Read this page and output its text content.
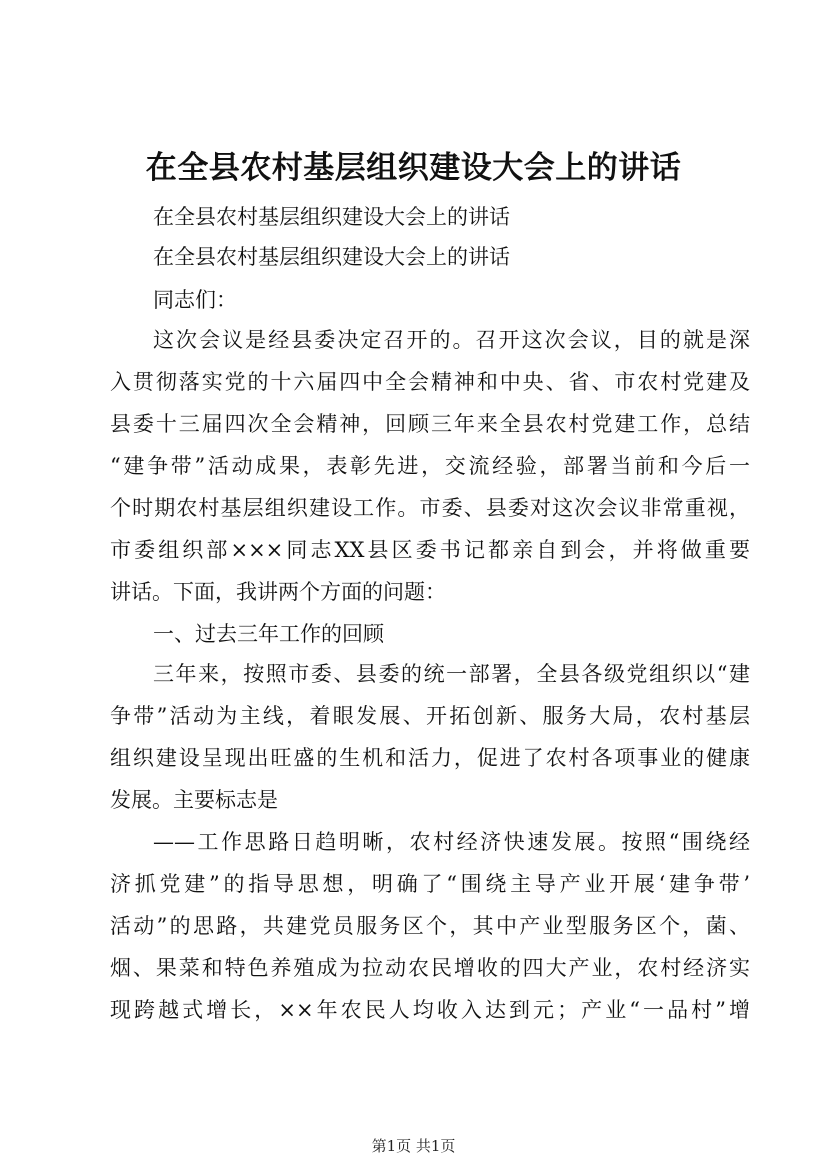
在全县农村基层组织建设大会上的讲话
在全县农村基层组织建设大会上的讲话
在全县农村基层组织建设大会上的讲话
同志们：
这次会议是经县委决定召开的。召开这次会议，目的就是深
入贯彻落实党的十六届四中全会精神和中央、省、市农村党建及
县委十三届四次全会精神，回顾三年来全县农村党建工作，总结
“建争带”活动成果，表彰先进，交流经验，部署当前和今后一
个时期农村基层组织建设工作。市委、县委对这次会议非常重视，
市委组织部×××同志XX县区委书记都亲自到会，并将做重要
讲话。下面，我讲两个方面的问题：
一、过去三年工作的回顾
三年来，按照市委、县委的统一部署，全县各级党组织以“建
争带”活动为主线，着眼发展、开拓创新、服务大局，农村基层
组织建设呈现出旺盛的生机和活力，促进了农村各项事业的健康
发展。主要标志是
——工作思路日趋明晰，农村经济快速发展。按照“围绕经
济抓党建”的指导思想，明确了“围绕主导产业开展‘建争带’
活动”的思路，共建党员服务区个，其中产业型服务区个，菌、
烟、果菜和特色养殖成为拉动农民增收的四大产业，农村经济实
现跨越式增长，××年农民人均收入达到元；产业“一品村”增
第1页 共1页
